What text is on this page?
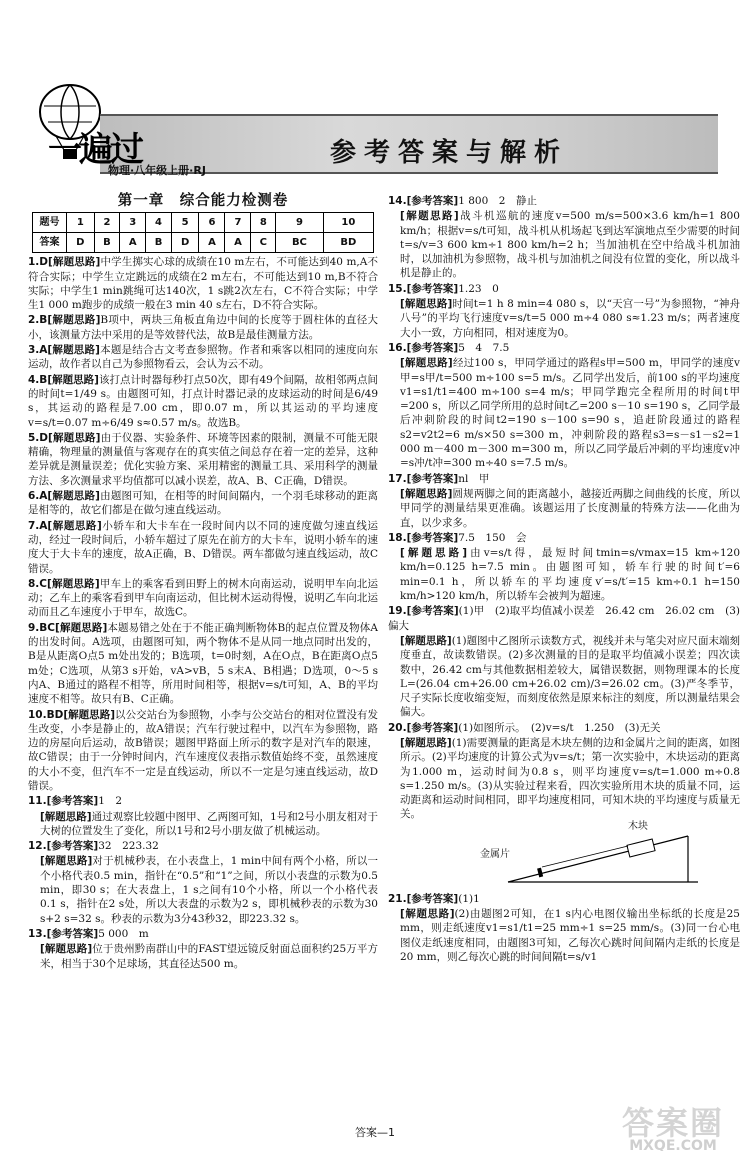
一遍过
物理·八年级上册·RJ
参考答案与解析
第一章　综合能力检测卷
题号	1	2	3	4	5	6	7	8	9	10
答案	D	B	A	B	D	A	A	C	BC	BD
1.D[解题思路]中学生掷实心球的成绩在10 m左右，不可能达到40 m,A不符合实际；中学生立定跳远的成绩在2 m左右，不可能达到10 m,B不符合实际；中学生1 min跳绳可达140次，1 s跳2次左右，C不符合实际；中学生1 000 m跑步的成绩一般在3 min 40 s左右，D不符合实际。
2.B[解题思路]B项中，两块三角板直角边中间的长度等于圆柱体的直径大小，该测量方法中采用的是等效替代法，故B是最佳测量方法。
3.A[解题思路]本题是结合古文考查参照物。作者和乘客以相同的速度向东运动，故作者以自己为参照物看云，会认为云不动。
4.B[解题思路]该打点计时器每秒打点50次，即有49个间隔，故相邻两点间的时间t=1/49 s。由题图可知，打点计时器记录的皮球运动的时间是6/49 s，其运动的路程是7.00 cm，即0.07 m，所以其运动的平均速度v=s/t=0.07 m÷6/49 s≈0.57 m/s。故选B。
5.D[解题思路]由于仪器、实验条件、环境等因素的限制，测量不可能无限精确，物理量的测量值与客观存在的真实值之间总存在着一定的差异，这种差异就是测量误差；优化实验方案、采用精密的测量工具、采用科学的测量方法、多次测量求平均值都可以减小误差，故A、B、C正确，D错误。
6.A[解题思路]由题图可知，在相等的时间间隔内，一个羽毛球移动的距离是相等的，故它们都是在做匀速直线运动。
7.A[解题思路]小轿车和大卡车在一段时间内以不同的速度做匀速直线运动，经过一段时间后，小轿车超过了原先在前方的大卡车，说明小轿车的速度大于大卡车的速度，故A正确，B、D错误。两车都做匀速直线运动，故C错误。
8.C[解题思路]甲车上的乘客看到田野上的树木向南运动，说明甲车向北运动；乙车上的乘客看到甲车向南运动，但比树木运动得慢，说明乙车向北运动而且乙车速度小于甲车，故选C。
9.BC[解题思路]本题易错之处在于不能正确判断物体B的起点位置及物体A的出发时间。A选项，由题图可知，两个物体不是从同一地点同时出发的，B是从距离O点5 m处出发的；B选项，t=0时刻，A在O点，B在距离O点5 m处；C选项，从第3 s开始，vA>vB，5 s末A、B相遇；D选项，0～5 s内A、B通过的路程不相等，所用时间相等，根据v=s/t可知，A、B的平均速度不相等。故只有B、C正确。
10.BD[解题思路]以公交站台为参照物，小李与公交站台的相对位置没有发生改变，小李是静止的，故A错误；汽车行驶过程中，以汽车为参照物，路边的房屋向后运动，故B错误；题图甲路面上所示的数字是对汽车的限速，故C错误；由于一分钟时间内，汽车速度仪表指示数值始终不变，虽然速度的大小不变，但汽车不一定是直线运动，所以不一定是匀速直线运动，故D错误。
11.[参考答案]1　2
[解题思路]通过观察比较题中图甲、乙两图可知，1号和2号小朋友相对于大树的位置发生了变化，所以1号和2号小朋友做了机械运动。
12.[参考答案]32　223.32
[解题思路]对于机械秒表，在小表盘上，1 min中间有两个小格，所以一个小格代表0.5 min，指针在“0.5”和“1”之间，所以小表盘的示数为0.5 min，即30 s；在大表盘上，1 s之间有10个小格，所以一个小格代表0.1 s，指针在2 s处，所以大表盘的示数为2 s，即机械秒表的示数为30 s+2 s=32 s。秒表的示数为3分43秒32，即223.32 s。
13.[参考答案]5 000　m
[解题思路]位于贵州黔南群山中的FAST望远镜反射面总面积约25万平方米，相当于30个足球场，其直径达500 m。
14.[参考答案]1 800　2　静止
[解题思路]战斗机巡航的速度v=500 m/s=500×3.6 km/h=1 800 km/h；根据v=s/t可知，战斗机从机场起飞到达军演地点至少需要的时间t=s/v=3 600 km÷1 800 km/h=2 h；当加油机在空中给战斗机加油时，以加油机为参照物，战斗机与加油机之间没有位置的变化，所以战斗机是静止的。
15.[参考答案]1.23　0
[解题思路]时间t=1 h 8 min=4 080 s，以“天宫一号”为参照物，“神舟八号”的平均飞行速度v=s/t=5 000 m÷4 080 s≈1.23 m/s；两者速度大小一致，方向相同，相对速度为0。
16.[参考答案]5　4　7.5
[解题思路]经过100 s，甲同学通过的路程s甲=500 m，甲同学的速度v甲=s甲/t=500 m÷100 s=5 m/s。乙同学出发后，前100 s的平均速度v1=s1/t1=400 m÷100 s=4 m/s；甲同学跑完全程所用的时间t甲=200 s，所以乙同学所用的总时间t乙=200 s－10 s=190 s，乙同学最后冲刺阶段的时间t2=190 s－100 s=90 s，追赶阶段通过的路程s2=v2t2=6 m/s×50 s=300 m，冲刺阶段的路程s3=s－s1－s2=1 000 m－400 m－300 m=300 m，所以乙同学最后冲刺的平均速度v冲=s冲/t冲=300 m÷40 s=7.5 m/s。
17.[参考答案]nl　甲
[解题思路]圆规两脚之间的距离越小，越接近两脚之间曲线的长度，所以甲同学的测量结果更准确。该题运用了长度测量的特殊方法——化曲为直，以少求多。
18.[参考答案]7.5　150　会
[解题思路]由v=s/t得，最短时间tmin=s/vmax=15 km÷120 km/h=0.125 h=7.5 min。由题图可知，轿车行驶的时间t′=6 min=0.1 h，所以轿车的平均速度v′=s/t′=15 km÷0.1 h=150 km/h>120 km/h，所以轿车会被判为超速。
19.[参考答案](1)甲　(2)取平均值减小误差　26.42 cm　26.02 cm　(3)偏大
[解题思路](1)题图中乙图所示读数方式，视线并未与笔尖对应尺面末端刻度垂直，故读数错误。(2)多次测量的目的是取平均值减小误差；四次读数中，26.42 cm与其他数据相差较大，属错误数据，则物理课本的长度L=(26.04 cm+26.00 cm+26.02 cm)/3=26.02 cm。(3)严冬季节，尺子实际长度收缩变短，而刻度依然是原来标注的刻度，所以测量结果会偏大。
20.[参考答案](1)如图所示。　(2)v=s/t　1.250　(3)无关
[解题思路](1)需要测量的距离是木块左侧的边和金属片之间的距离，如图所示。(2)平均速度的计算公式为v=s/t；第一次实验中，木块运动的距离为1.000 m，运动时间为0.8 s，则平均速度v=s/t=1.000 m÷0.8 s=1.250 m/s。(3)从实验过程来看，四次实验所用木块的质量不同，运动距离和运动时间相同，即平均速度相同，可知木块的平均速度与质量无关。
木块
金属片
21.[参考答案](1)1
[解题思路](2)由题图2可知，在1 s内心电图仪输出坐标纸的长度是25 mm，则走纸速度v1=s1/t1=25 mm÷1 s=25 mm/s。(3)同一台心电图仪走纸速度相同，由题图3可知，乙每次心跳时间间隔内走纸的长度是20 mm，则乙每次心跳的时间间隔t=s/v1
答案—1	答案圈
MXQE.COM
